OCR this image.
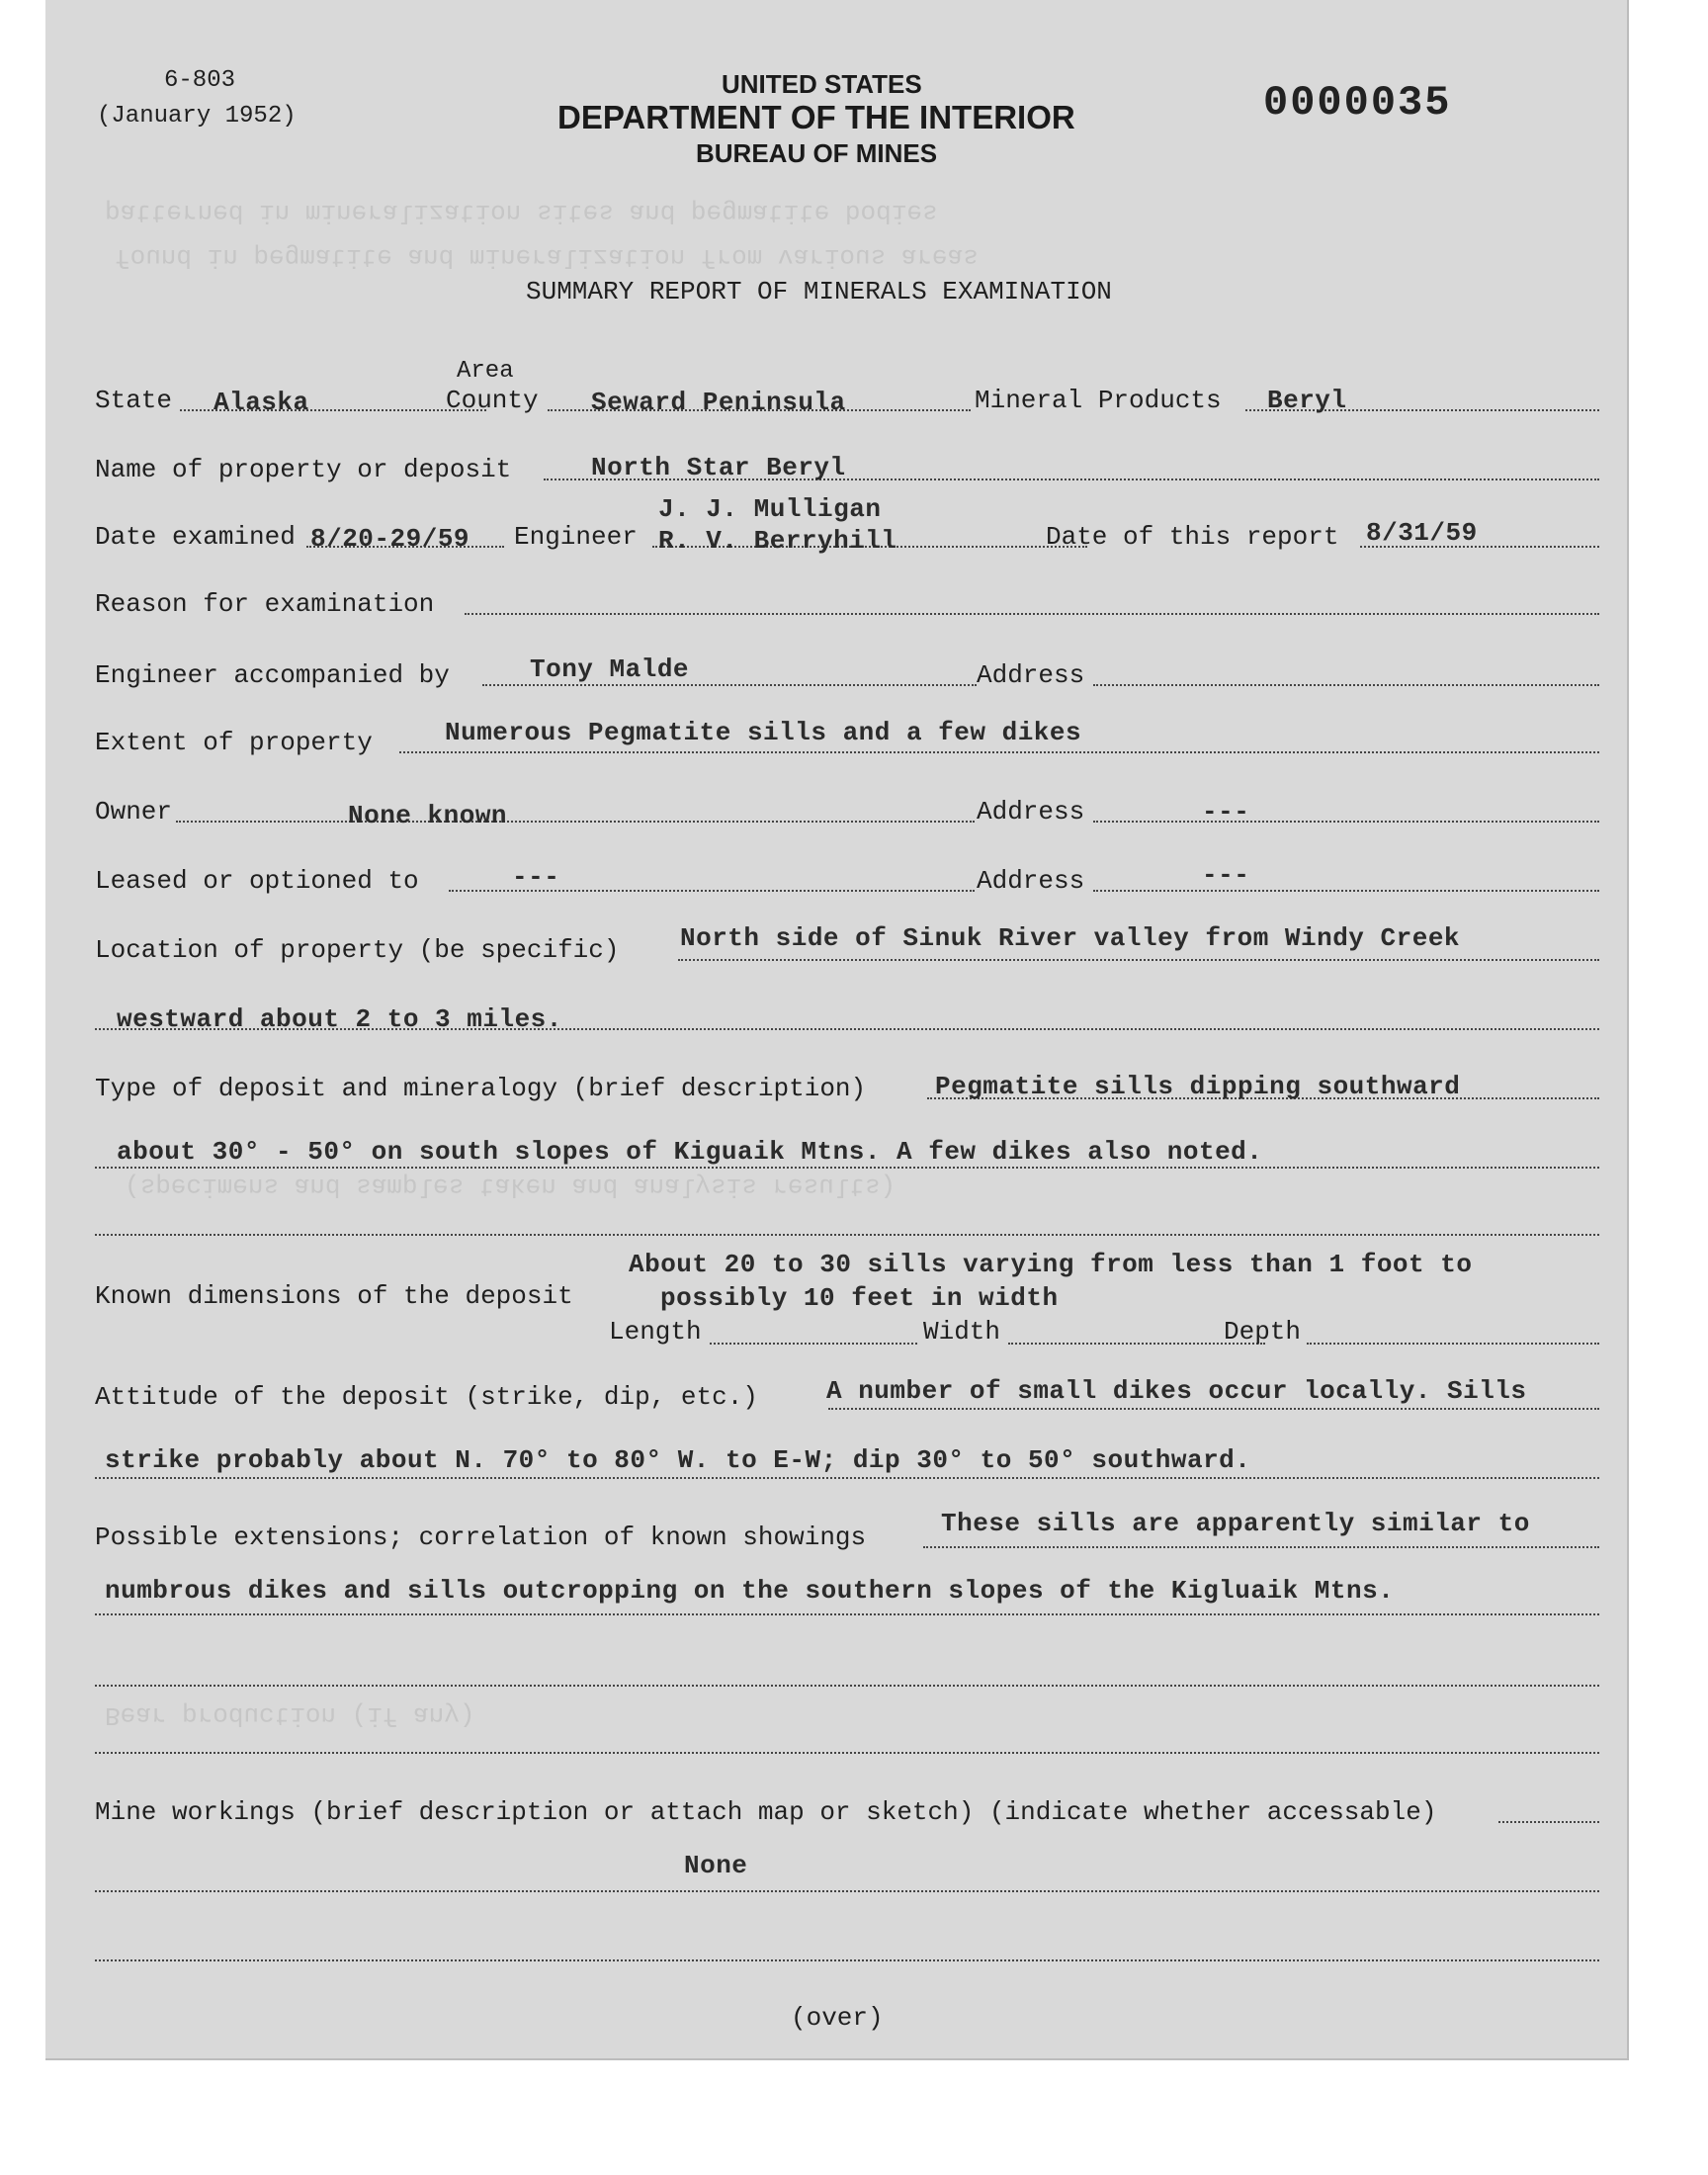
patterned in mineralization sites and pegmatite bodies
found in pegmatite and mineralization from various areas
(specimens and samples taken and analysis results)
Bear production (if any)
6-803
(January 1952)
UNITED STATES
DEPARTMENT OF THE INTERIOR
BUREAU OF MINES
0000035
SUMMARY REPORT OF MINERALS EXAMINATION
State Alaska
Area
County Seward Peninsula	Mineral Products Beryl
Name of property or deposit	North Star Beryl
Date examined 8/20-29/59 Engineer
J. J. Mulligan
R. V. Berryhill	Date of this report 8/31/59
Reason for examination
Engineer accompanied by	Tony Malde	Address
Extent of property	Numerous Pegmatite sills and a few dikes
Owner	None known	Address	---
Leased or optioned to	---	Address	---
Location of property (be specific) North side of Sinuk River valley from Windy Creek
westward about 2 to 3 miles.
Type of deposit and mineralogy (brief description)	Pegmatite sills dipping southward
about 30° - 50° on south slopes of Kiguaik Mtns. A few dikes also noted.
About 20 to 30 sills varying from less than 1 foot to
possibly 10 feet in width
Known dimensions of the deposit
Length	Width	Depth
Attitude of the deposit (strike, dip, etc.)	A number of small dikes occur locally. Sills
strike probably about N. 70° to 80° W. to E-W; dip 30° to 50° southward.
Possible extensions; correlation of known showings	These sills are apparently similar to
numbrous dikes and sills outcropping on the southern slopes of the Kigluaik Mtns.
Mine workings (brief description or attach map or sketch) (indicate whether accessable)
None
(over)
